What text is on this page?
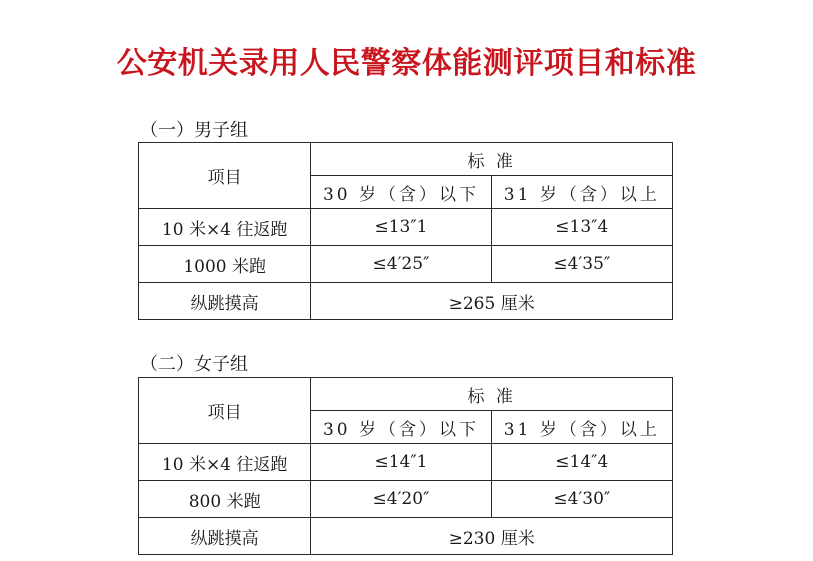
公安机关录用人民警察体能测评项目和标准
（一）男子组
项目	标 准	
	30 岁（含）以下	31 岁（含）以上
10 米×4 往返跑	≤13″1	≤13″4
1000 米跑	≤4′25″	≤4′35″
纵跳摸高	≥265 厘米	
（二）女子组
项目	标 准	
	30 岁（含）以下	31 岁（含）以上
10 米×4 往返跑	≤14″1	≤14″4
800 米跑	≤4′20″	≤4′30″
纵跳摸高	≥230 厘米	
